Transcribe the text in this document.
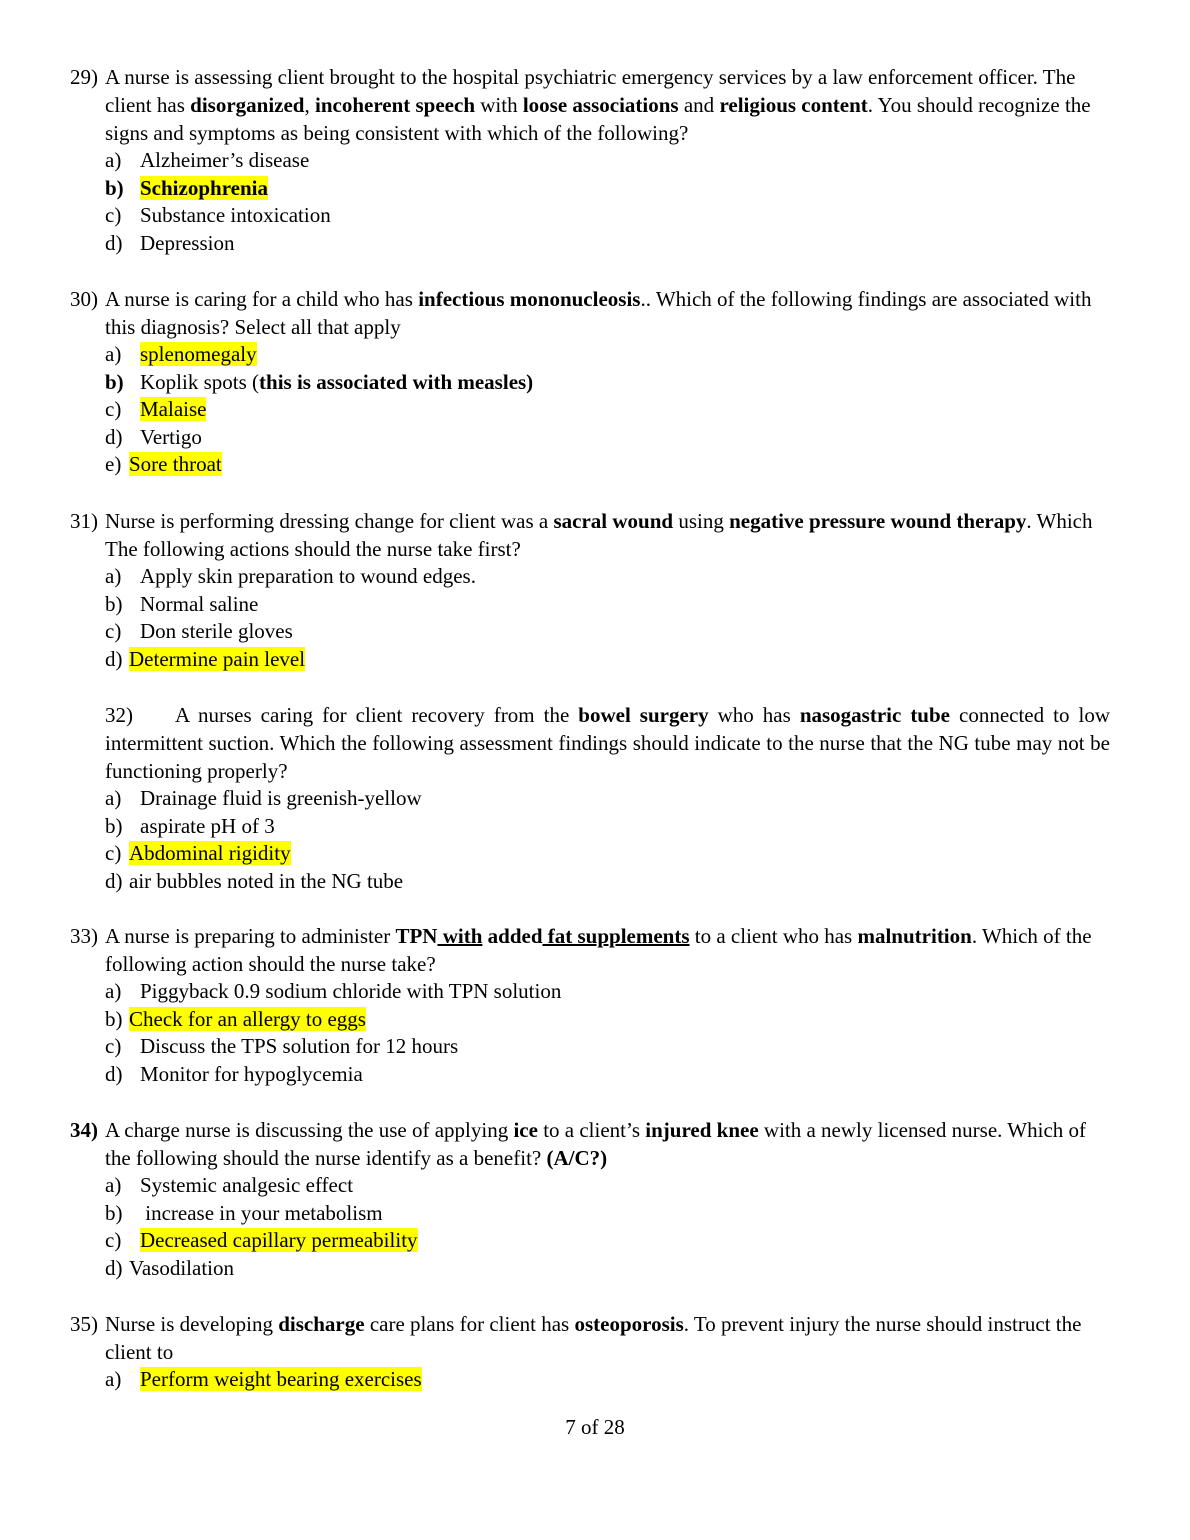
29) A nurse is assessing client brought to the hospital psychiatric emergency services by a law enforcement officer. The client has disorganized, incoherent speech with loose associations and religious content. You should recognize the signs and symptoms as being consistent with which of the following?
a) Alzheimer’s disease
b) Schizophrenia
c) Substance intoxication
d) Depression
30) A nurse is caring for a child who has infectious mononucleosis.. Which of the following findings are associated with this diagnosis? Select all that apply
a) splenomegaly
b) Koplik spots (this is associated with measles)
c) Malaise
d) Vertigo
e) Sore throat
31) Nurse is performing dressing change for client was a sacral wound using negative pressure wound therapy. Which The following actions should the nurse take first?
a) Apply skin preparation to wound edges.
b) Normal saline
c) Don sterile gloves
d) Determine pain level
32) A nurses caring for client recovery from the bowel surgery who has nasogastric tube connected to low intermittent suction. Which the following assessment findings should indicate to the nurse that the NG tube may not be functioning properly?
a) Drainage fluid is greenish-yellow
b) aspirate pH of 3
c) Abdominal rigidity
d) air bubbles noted in the NG tube
33) A nurse is preparing to administer TPN with added fat supplements to a client who has malnutrition. Which of the following action should the nurse take?
a) Piggyback 0.9 sodium chloride with TPN solution
b) Check for an allergy to eggs
c) Discuss the TPS solution for 12 hours
d) Monitor for hypoglycemia
34) A charge nurse is discussing the use of applying ice to a client’s injured knee with a newly licensed nurse. Which of the following should the nurse identify as a benefit? (A/C?)
a) Systemic analgesic effect
b) increase in your metabolism
c) Decreased capillary permeability
d) Vasodilation
35) Nurse is developing discharge care plans for client has osteoporosis. To prevent injury the nurse should instruct the client to
a) Perform weight bearing exercises
7 of 28
